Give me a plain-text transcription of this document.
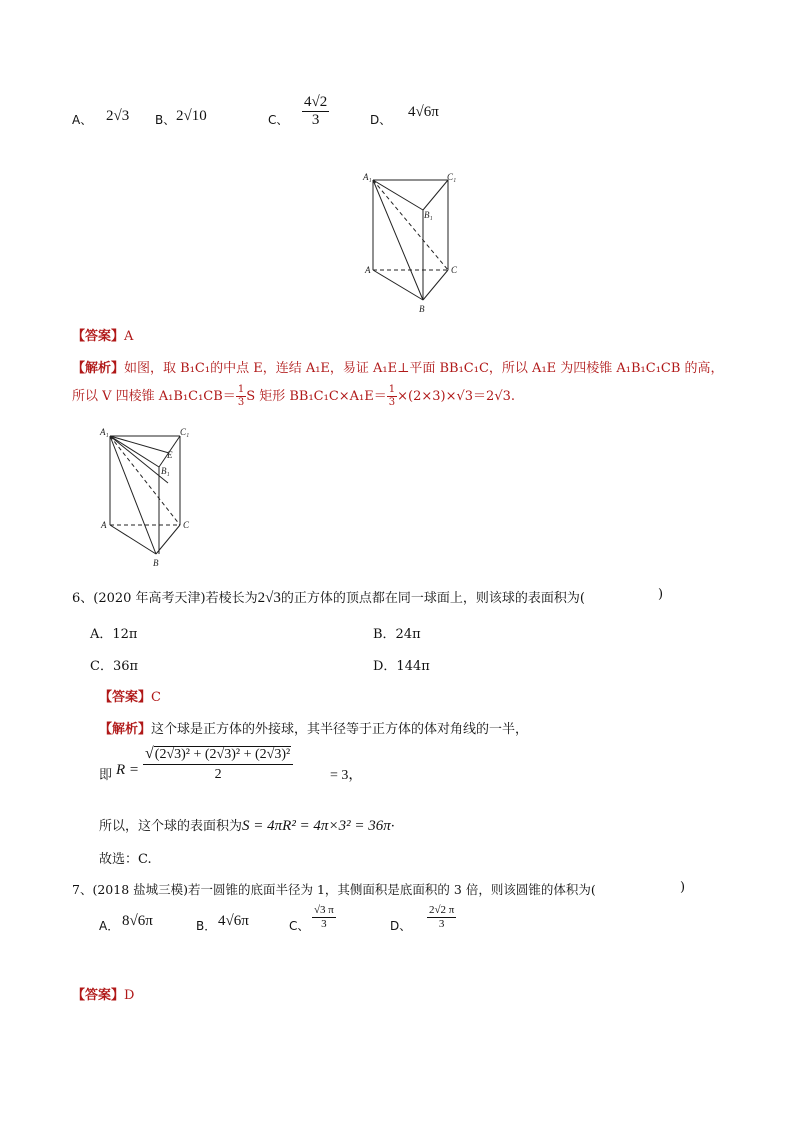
A、 2√3 B、 2√10	C、 $\frac{4√2}{3}$	D、 4√6π
A₁	C₁
B₁
A	C
B
【答案】A
【解析】如图，取 B₁C₁的中点 E，连结 A₁E，易证 A₁E⊥平面 BB₁C₁C，所以 A₁E 为四棱锥 A₁B₁C₁CB 的高，
所以 V 四棱锥 $A_1B_1C_1CB= \frac{1}{3}$ S 矩形 $BB_1C_1C\times A_1E= \frac{1}{3} \times(2\times 3)\times√3=2√3$.
A₁	C₁
E
B₁
A	C
B
6、(2020 年高考天津)若棱长为2√3的正方体的顶点都在同一球面上，则该球的表面积为(	)
A．12π	B．24π
C．36π	D．144π
【答案】C
【解析】这个球是正方体的外接球，其半径等于正方体的体对角线的一半，
即 $R = \frac{\text{√(2√3)² + (2√3)² + (2√3)²}}{2}$	= 3，
所以，这个球的表面积为S = 4πR² = 4π×3² = 36π·
故选：C.
7、(2018 盐城三模)若一圆锥的底面半径为 1，其侧面积是底面积的 3 倍，则该圆锥的体积为(	)
A． 8√6π	B． 4√6π	C、 $\frac{√3 \pi}{3}$	D、 $\frac{2√2 \pi}{3}$
【答案】D
